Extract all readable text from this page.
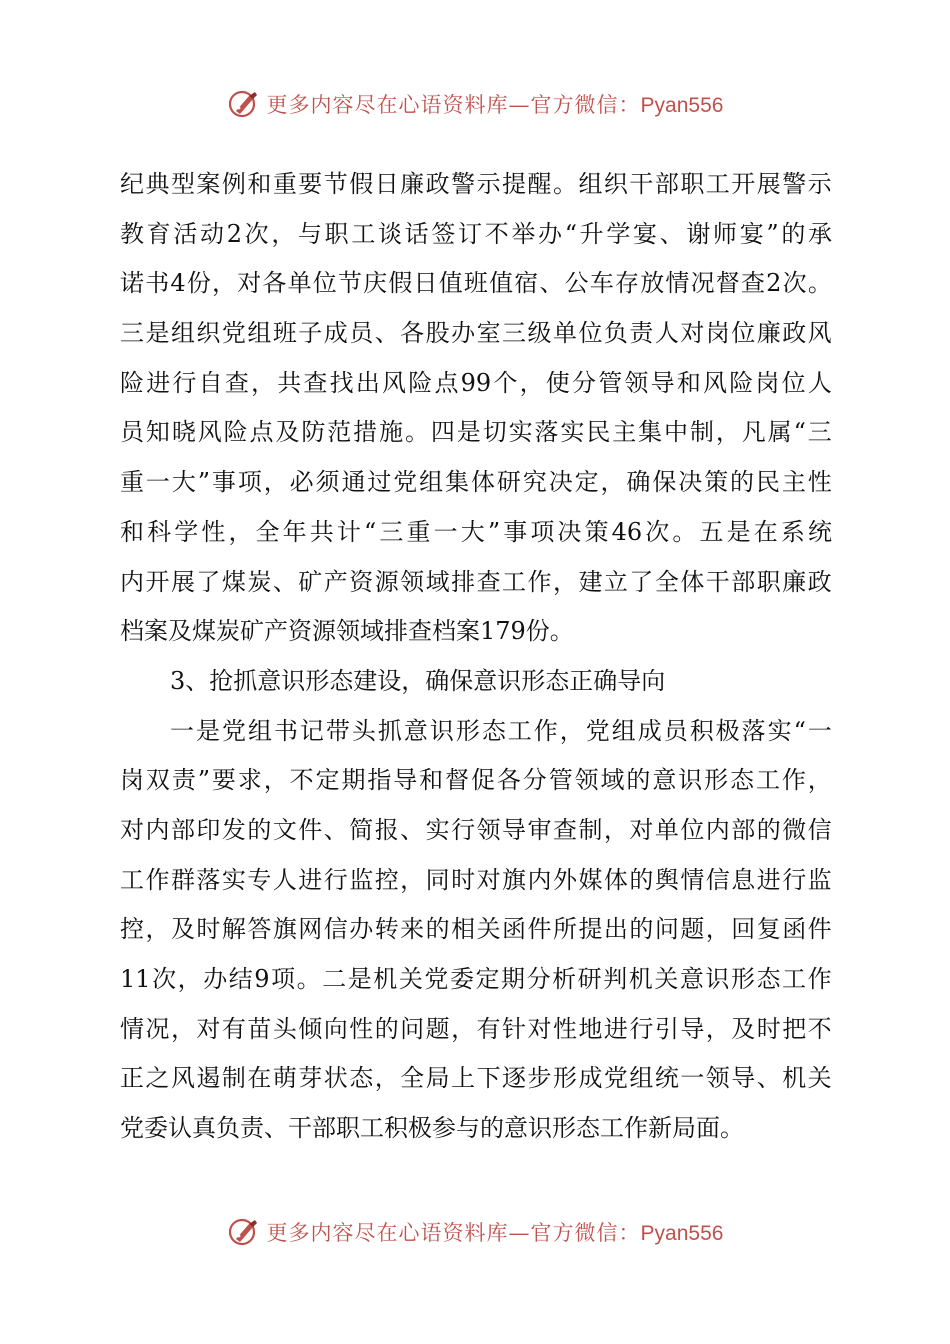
更多内容尽在心语资料库—官方微信：Pyan556
纪 典 型 案 例 和 重 要 节 假 日 廉 政 警 示 提 醒 。 组 织 干 部 职 工 开 展 警 示
教 育 活 动 2 次 ， 与 职 工 谈 话 签 订 不 举 办 “ 升 学 宴 、 谢 师 宴 ” 的 承
诺 书 4 份 ， 对 各 单 位 节 庆 假 日 值 班 值 宿 、 公 车 存 放 情 况 督 查 2 次 。
三 是 组 织 党 组 班 子 成 员 、 各 股 办 室 三 级 单 位 负 责 人 对 岗 位 廉 政 风
险 进 行 自 查 ， 共 查 找 出 风 险 点 99 个 ， 使 分 管 领 导 和 风 险 岗 位 人
员 知 晓 风 险 点 及 防 范 措 施 。 四 是 切 实 落 实 民 主 集 中 制 ， 凡 属 “ 三
重 一 大 ” 事 项 ， 必 须 通 过 党 组 集 体 研 究 决 定 ， 确 保 决 策 的 民 主 性
和 科 学 性 ， 全 年 共 计 “ 三 重 一 大 ” 事 项 决 策 46 次 。 五 是 在 系 统
内 开 展 了 煤 炭 、 矿 产 资 源 领 域 排 查 工 作 ， 建 立 了 全 体 干 部 职 廉 政
档案及煤炭矿产资源领域排查档案179份。
3、抢抓意识形态建设，确保意识形态正确导向
一 是 党 组 书 记 带 头 抓 意 识 形 态 工 作 ， 党 组 成 员 积 极 落 实 “ 一
岗 双 责 ” 要 求 ， 不 定 期 指 导 和 督 促 各 分 管 领 域 的 意 识 形 态 工 作 ，
对 内 部 印 发 的 文 件 、 简 报 、 实 行 领 导 审 查 制 ， 对 单 位 内 部 的 微 信
工 作 群 落 实 专 人 进 行 监 控 ， 同 时 对 旗 内 外 媒 体 的 舆 情 信 息 进 行 监
控 ， 及 时 解 答 旗 网 信 办 转 来 的 相 关 函 件 所 提 出 的 问 题 ， 回 复 函 件
11 次 ， 办 结 9 项 。 二 是 机 关 党 委 定 期 分 析 研 判 机 关 意 识 形 态 工 作
情 况 ， 对 有 苗 头 倾 向 性 的 问 题 ， 有 针 对 性 地 进 行 引 导 ， 及 时 把 不
正 之 风 遏 制 在 萌 芽 状 态 ， 全 局 上 下 逐 步 形 成 党 组 统 一 领 导 、 机 关
党委认真负责、干部职工积极参与的意识形态工作新局面。
更多内容尽在心语资料库—官方微信：Pyan556
